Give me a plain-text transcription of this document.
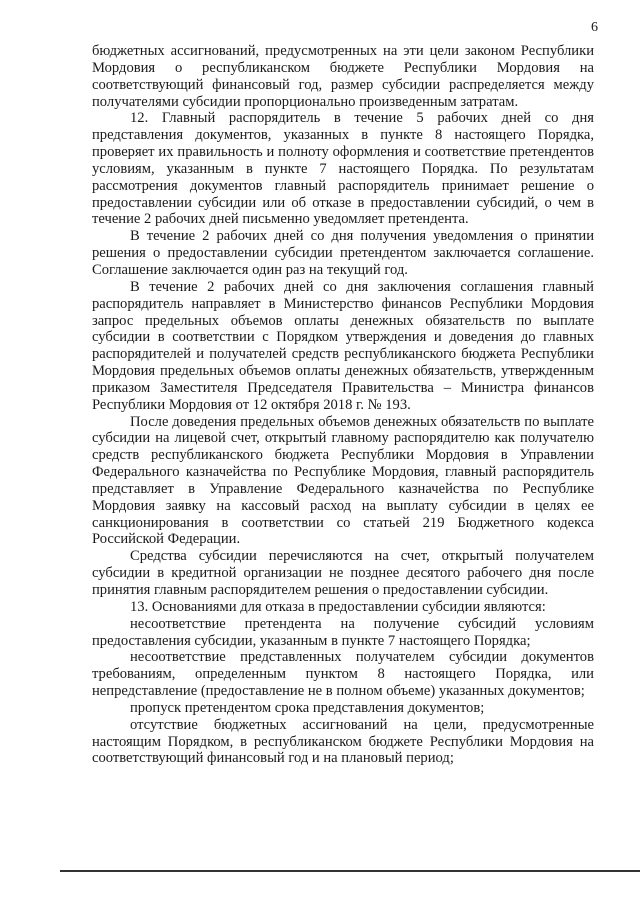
6

бюджетных ассигнований, предусмотренных на эти цели законом Республики Мордовия о республиканском бюджете Республики Мордовия на соответствующий финансовый год, размер субсидии распределяется между получателями субсидии пропорционально произведенным затратам.

12. Главный распорядитель в течение 5 рабочих дней со дня представления документов, указанных в пункте 8 настоящего Порядка, проверяет их правильность и полноту оформления и соответствие претендентов условиям, указанным в пункте 7 настоящего Порядка. По результатам рассмотрения документов главный распорядитель принимает решение о предоставлении субсидии или об отказе в предоставлении субсидий, о чем в течение 2 рабочих дней письменно уведомляет претендента.

В течение 2 рабочих дней со дня получения уведомления о принятии решения о предоставлении субсидии претендентом заключается соглашение. Соглашение заключается один раз на текущий год.

В течение 2 рабочих дней со дня заключения соглашения главный распорядитель направляет в Министерство финансов Республики Мордовия запрос предельных объемов оплаты денежных обязательств по выплате субсидии в соответствии с Порядком утверждения и доведения до главных распорядителей и получателей средств республиканского бюджета Республики Мордовия предельных объемов оплаты денежных обязательств, утвержденным приказом Заместителя Председателя Правительства – Министра финансов Республики Мордовия от 12 октября 2018 г. № 193.

После доведения предельных объемов денежных обязательств по выплате субсидии на лицевой счет, открытый главному распорядителю как получателю средств республиканского бюджета Республики Мордовия в Управлении Федерального казначейства по Республике Мордовия, главный распорядитель представляет в Управление Федерального казначейства по Республике Мордовия заявку на кассовый расход на выплату субсидии в целях ее санкционирования в соответствии со статьей 219 Бюджетного кодекса Российской Федерации.

Средства субсидии перечисляются на счет, открытый получателем субсидии в кредитной организации не позднее десятого рабочего дня после принятия главным распорядителем решения о предоставлении субсидии.

13. Основаниями для отказа в предоставлении субсидии являются:

несоответствие претендента на получение субсидий условиям предоставления субсидии, указанным в пункте 7 настоящего Порядка;

несоответствие представленных получателем субсидии документов требованиям, определенным пунктом 8 настоящего Порядка, или непредставление (предоставление не в полном объеме) указанных документов;

пропуск претендентом срока представления документов;

отсутствие бюджетных ассигнований на цели, предусмотренные настоящим Порядком, в республиканском бюджете Республики Мордовия на соответствующий финансовый год и на плановый период;
